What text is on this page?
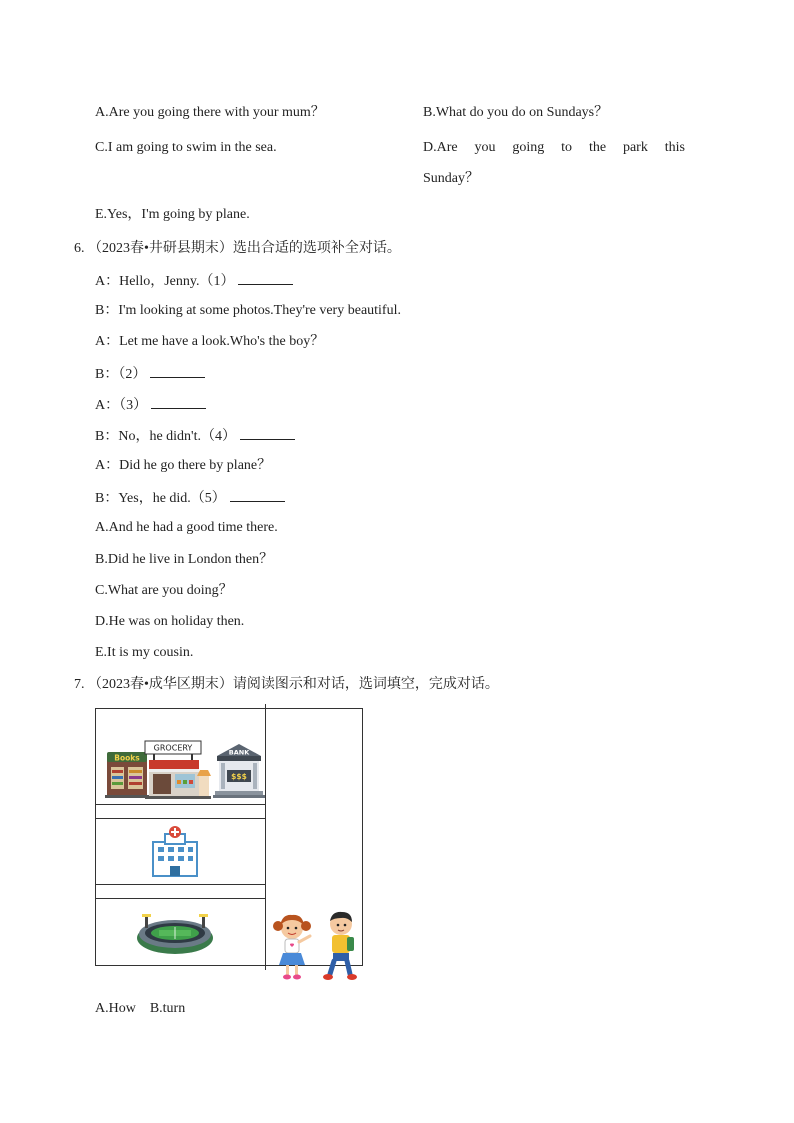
A.Are you going there with your mum？	B.What do you do on Sundays？
C.I am going to swim in the sea.	D.Are you going to the park this
Sunday？
E.Yes，I'm going by plane.
6. （2023春•井研县期末）选出合适的选项补全对话。
A：Hello，Jenny.（1）
B：I'm looking at some photos.They're very beautiful.
A：Let me have a look.Who's the boy？
B：（2）
A：（3）
B：No，he didn't.（4）
A：Did he go there by plane？
B：Yes，he did.（5）
A.And he had a good time there.
B.Did he live in London then？
C.What are you doing？
D.He was on holiday then.
E.It is my cousin.
7. （2023春•成华区期末）请阅读图示和对话，选词填空，完成对话。
Books
GROCERY	BANK
$$$
A.How　B.turn
